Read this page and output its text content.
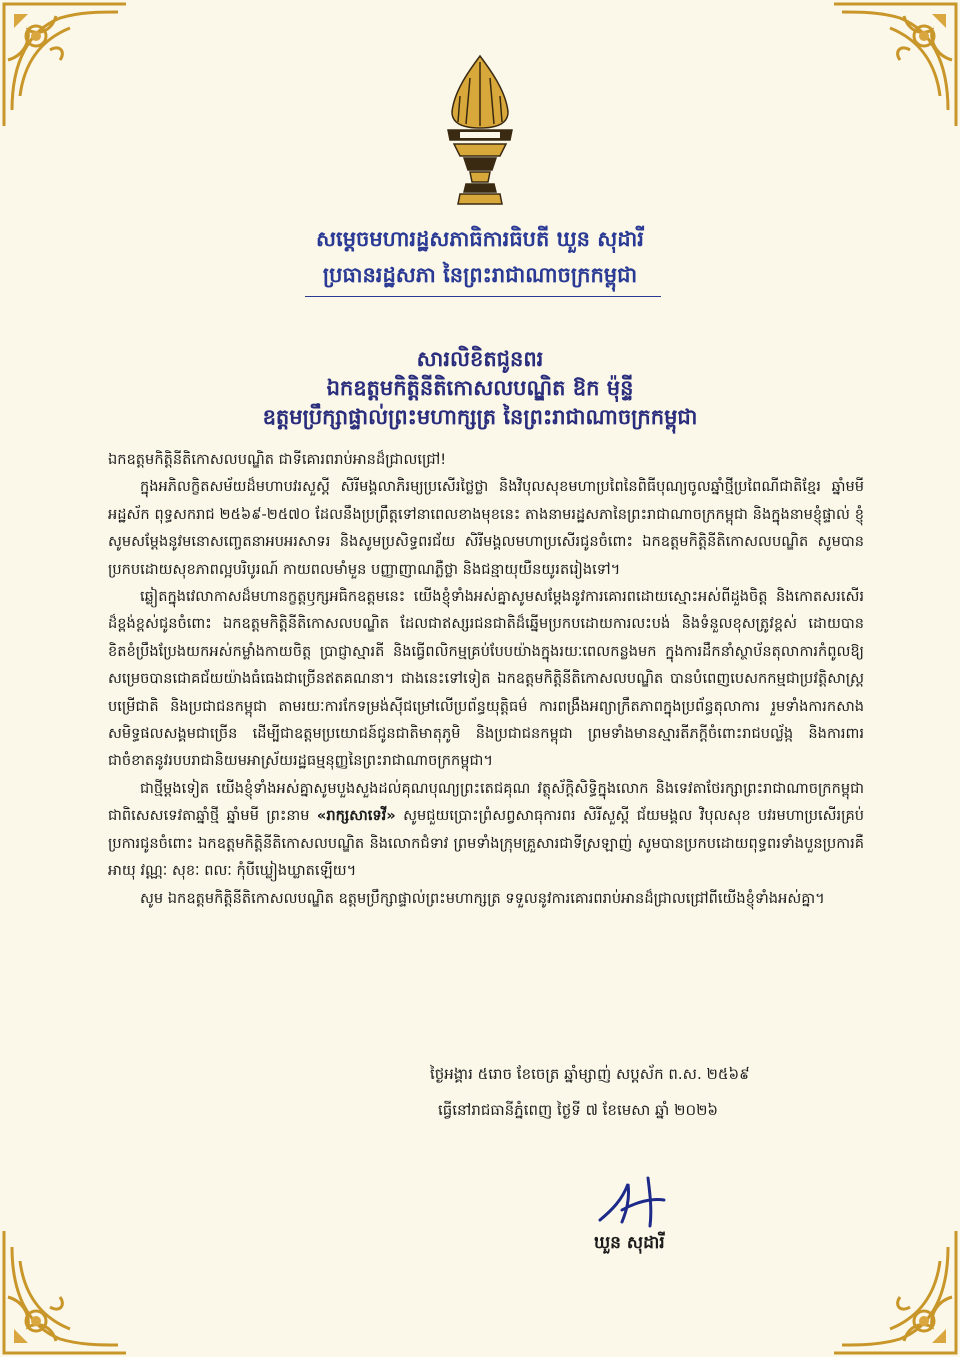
សម្តេចមហារដ្ឋសភាធិការធិបតី ឃួន សុដារី
ប្រធានរដ្ឋសភា នៃព្រះរាជាណាចក្រកម្ពុជា
សារលិខិតជូនពរ
ឯកឧត្តមកិត្តិនីតិកោសលបណ្ឌិត ឱក ម៉ុន្ទី
ឧត្តមប្រឹក្សាផ្ទាល់ព្រះមហាក្សត្រ នៃព្រះរាជាណាចក្រកម្ពុជា

ឯកឧត្តមកិត្តិនីតិកោសលបណ្ឌិត ជាទីគោរពរាប់អានដ៏ជ្រាលជ្រៅ!

ក្នុងអភិលក្ខិតសម័យដ៏មហាបវរសួស្តី សិរីមង្គលាភិរម្យប្រសើរថ្លៃថ្លា និងវិបុលសុខមហាប្រពៃនៃពិធីបុណ្យចូលឆ្នាំថ្មីប្រពៃណីជាតិខ្មែរ ឆ្នាំមមី អដ្ឋស័ក ពុទ្ធសករាជ ២៥៦៩-២៥៧០ ដែលនឹងប្រព្រឹត្តទៅនាពេលខាងមុខនេះ តាងនាមរដ្ឋសភានៃព្រះរាជាណាចក្រកម្ពុជា និងក្នុងនាមខ្ញុំផ្ទាល់ ខ្ញុំសូមសម្តែងនូវមនោសញ្ចេតនាអបអរសាទរ និងសូមប្រសិទ្ធពរជ័យ សិរីមង្គលមហាប្រសើរជូនចំពោះ ឯកឧត្តមកិត្តិនីតិកោសលបណ្ឌិត សូមបានប្រកបដោយសុខភាពល្អបរិបូរណ៍ កាយពលមាំមួន បញ្ញាញាណភ្លឺថ្លា និងជន្មាយុយឺនយូរតរៀងទៅ។

ឆ្លៀតក្នុងវេលាកាសដ៏មហានក្ខត្តឫក្សអធិកឧត្តមនេះ យើងខ្ញុំទាំងអស់គ្នាសូមសម្តែងនូវការគោរពដោយស្មោះអស់ពីដួងចិត្ត និងកោតសរសើរដ៏ខ្ពង់ខ្ពស់ជូនចំពោះ ឯកឧត្តមកិត្តិនីតិកោសលបណ្ឌិត ដែលជាឥស្សរជនជាតិដ៏ឆ្នើមប្រកបដោយការលះបង់ និងទំនួលខុសត្រូវខ្ពស់ ដោយបានខិតខំប្រឹងប្រែងយកអស់កម្លាំងកាយចិត្ត ប្រាជ្ញាស្មារតី និងធ្វើពលិកម្មគ្រប់បែបយ៉ាងក្នុងរយៈពេលកន្លងមក ក្នុងការដឹកនាំស្ថាប័នតុលាការកំពូលឱ្យសម្រេចបានជោគជ័យយ៉ាងធំធេងជាច្រើនឥតគណនា។ ជាងនេះទៅទៀត ឯកឧត្តមកិត្តិនីតិកោសលបណ្ឌិត បានបំពេញបេសកកម្មជាប្រវត្តិសាស្ត្រ បម្រើជាតិ និងប្រជាជនកម្ពុជា តាមរយៈការកែទម្រង់ស៊ីជម្រៅលើប្រព័ន្ធយុត្តិធម៌ ការពង្រឹងអព្យាក្រឹតភាពក្នុងប្រព័ន្ធតុលាការ រួមទាំងការកសាងសមិទ្ធផលសង្គមជាច្រើន ដើម្បីជាឧត្តមប្រយោជន៍ជូនជាតិមាតុភូមិ និងប្រជាជនកម្ពុជា ព្រមទាំងមានស្មារតីភក្តីចំពោះរាជបល្ល័ង្ក និងការពារជាចំខាតនូវរបបរាជានិយមអាស្រ័យរដ្ឋធម្មនុញ្ញនៃព្រះរាជាណាចក្រកម្ពុជា។

ជាថ្មីម្តងទៀត យើងខ្ញុំទាំងអស់គ្នាសូមបួងសួងដល់គុណបុណ្យព្រះតេជគុណ វត្ថុស័ក្តិសិទ្ធិក្នុងលោក និងទេវតាថែរក្សាព្រះរាជាណាចក្រកម្ពុជា ជាពិសេសទេវតាឆ្នាំថ្មី ឆ្នាំមមី ព្រះនាម «រាក្សសាទេវី» សូមជួយប្រោះព្រំសព្វសាធុការពរ សិរីសួស្តី ជ័យមង្គល វិបុលសុខ បវរមហាប្រសើរគ្រប់ប្រការជូនចំពោះ ឯកឧត្តមកិត្តិនីតិកោសលបណ្ឌិត និងលោកជំទាវ ព្រមទាំងក្រុមគ្រួសារជាទីស្រឡាញ់ សូមបានប្រកបដោយពុទ្ធពរទាំងបួនប្រការគឺ អាយុ វណ្ណៈ សុខៈ ពលៈ កុំបីឃ្លៀងឃ្លាតឡើយ។

សូម ឯកឧត្តមកិត្តិនីតិកោសលបណ្ឌិត ឧត្តមប្រឹក្សាផ្ទាល់ព្រះមហាក្សត្រ ទទួលនូវការគោរពរាប់អានដ៏ជ្រាលជ្រៅពីយើងខ្ញុំទាំងអស់គ្នា។

ថ្ងៃអង្គារ ៥រោច ខែចេត្រ ឆ្នាំម្សាញ់ សប្តស័ក ព.ស. ២៥៦៩
ធ្វើនៅរាជធានីភ្នំពេញ ថ្ងៃទី ៧ ខែមេសា ឆ្នាំ ២០២៦
ឃួន សុដារី
